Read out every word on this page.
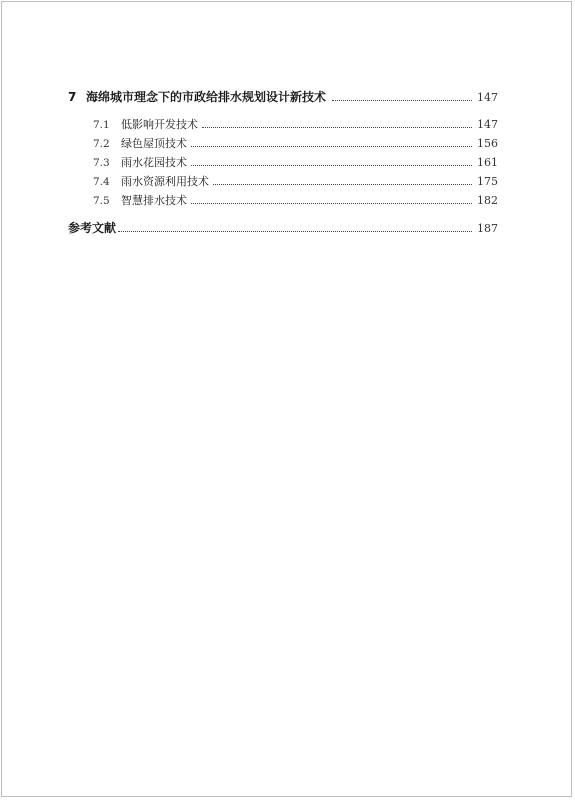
7 海绵城市理念下的市政给排水规划设计新技术	147
7.1	低影响开发技术	147
7.2	绿色屋顶技术	156
7.3	雨水花园技术	161
7.4	雨水资源利用技术	175
7.5	智慧排水技术	182
参考文献	187
